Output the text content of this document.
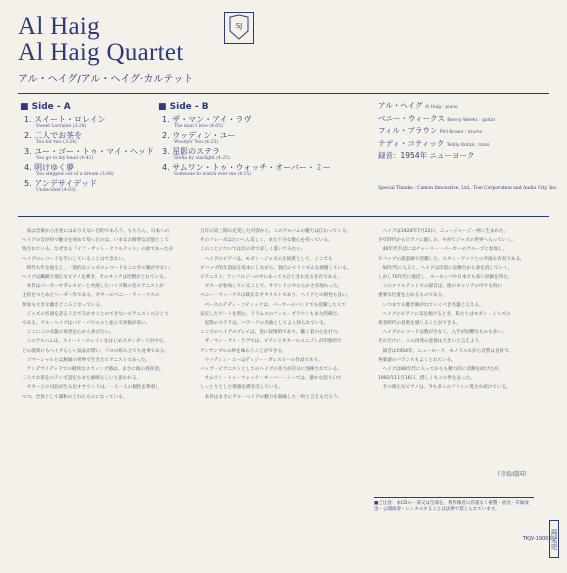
Al Haig
Al Haig Quartet
アル・ヘイグ/アル・ヘイグ·カルテット
SJ
■ Side - A
1. スイート・ロレイン
Sweet Lorraine (3:28)
2. 二人でお茶を
Tea for two (3:24)
3. ユー・ゴー・トゥ・マイ・ヘッド
You go to my head (4:42)
4. 明けゆく夢
You stepped out of a dream (3:08)
5. アンデサイデッド
Undecided (4:03)
■ Side - B
1. ザ・マン・アイ・ラヴ
The man I love (4:05)
2. ウッディン・ユー
Woodyn' You (4:25)
3. 星影のステラ
Stella by starlight (4:25)
4. サムワン・トゥ・ウォッチ・オーバー・ミー
Someone to watch over me (4:15)
アル・ヘイグ Al Haig : piano
ベニー・ウィークス Benny Weeks : guitar
フィル・ブラウン Phil Brown : drums
テディ・コティック Teddy Kotick : bass
録音：1954年 ニューヨーク
Special Thanks : Camon Innovative, Ltd., Toei Corporation and Audio City, Inc.
　真は音楽から出発にはありえない目的であろう。もちろん、日本への
ヘイグの音が持つ魅力を初めて知ったのは、いまなお鮮明な記憶として
残されている。なぜなら『イフ・ザット・クァルテット』の頃であったが
ヘイグのレコードを手にしていることはできない。
　時代も年を経ると、一般的なジャズのレコードもこの手の類が少ない。
ヘイグは繊細で端正なピアノを弾き、そのタッチは均整がとれている。
　本作はパーカーやガレスピーと共演したバップ期の名ピアニストが
主役をつとめたリーダー作である。ギターのベニー・ウィークスの
参加も大きな聴きどころとなっている。
　ジャズの名演を語るうえで欠かすことのできないピアニストのひとり
である。アル・ヘイグはバド・パウエルと並んで評価が高い。
　ここにこの名盤の再発を心から喜びたい。
　このアルバムは、スイート・ロレインをはじめスタンダードが中心。
どの演奏にもヘイグらしい気品が漂い、ソロの組み立ても見事である。
　コマーシャルとは無縁の世界で生きたピアニストであった。
　アンデサイデッドでの軽快なスウィング感は、まさに彼の真骨頂。
二人でお茶をのテンポ設定もまた素晴らしいと思われる。
　ギターとの対話が生み出すサウンドは、一人一人の個性を尊重し
つつ、全体として調和のとれたものになっている。
五年の第三期の充実した内容から、このアルバムの魅力は伝わってくる。
そのフレーズはたいへん美しく、また十分な歌心を持っている。
このことについては次の章で詳しく書いてみたい。
　ヘイグのピアノは、モダン・ジャズの正統派として、ここでも
ビバップ的な語法を基本にしながら、独自のリリシズムを展開している。
ピアニスト、アンソロジーの中にあってもひときわ光る存在である。
　ギターが参加していることで、サウンドにやわらかさが加わった。
ベニー・ウィークスは端正なギタリストであり、ヘイグとの相性も良い。
　ベースのテディ・コティックは、パーカーのバンドでも活躍した人で
安定したビートを刻む。ドラムスのフィル・ブラウンもまた的確だ。
　星影のステラは、バラードの名曲としてよく知られている。
ここでのヘイグのプレイは、実に叙情的であり、聴く者の心を打つ。
　ザ・マン・アイ・ラヴでは、ピアノとギターのユニゾンが印象的で
アンサンブルの妙を味わうことができる。
　ウッディン・ユーはディジー・ガレスピーの作品であり、
バップ・ピアニストとしてのヘイグの実力が存分に発揮されている。
　サムワン・トゥ・ウォッチ・オーバー・ミーでは、静かな語り口で
しっとりとした情感を描き出している。
　本作はまさにアル・ヘイグの魅力を凝縮した一枚と言えるだろう。
　ヘイグは1924年7月22日、ニュージャージー州に生まれた。
少年時代からピアノに親しみ、やがてジャズの世界へ入っていく。
　40年代半ばにはチャーリー・パーカーのグループに参加し、
ビバップの最前線で活躍した。スタン・ゲッツとの共演も有名である。
　50年代に入ると、ヘイグは次第に表舞台から姿を消していく。
しかし70年代に復活し、ヨーロッパや日本でも高い評価を得た。
　このクァルテットでの録音は、彼のキャリアの中でも特に
重要な位置を占めるものである。
　いつまでも聴き継がれていくべき名盤と言える。
　ヘイグのピアノに耳を傾けるとき、私たちはモダン・ジャズの
黄金時代の息吹を感じることができる。
　ヘイグのレコードは数が少なく、入手が困難なものも多い。
それだけに、この再発の意義は大きいと言えよう。
　録音は1954年、ニューヨーク。モノラルながら音質は良好で、
各楽器のバランスもよくとれている。
　ヘイグは80年代に入ってからも精力的に活動を続けたが、
1982年11月16日、惜しくもこの世を去った。
　その端正なピアノは、今も多くのファンに愛され続けている。
（寺島靖国）
■ご注意：本CDの一部又は全部を、著作権者の許諾なく複製・放送・有線放送・公開演奏・レンタルすることは法律で禁じられています。
TKJV-19006
再発売
